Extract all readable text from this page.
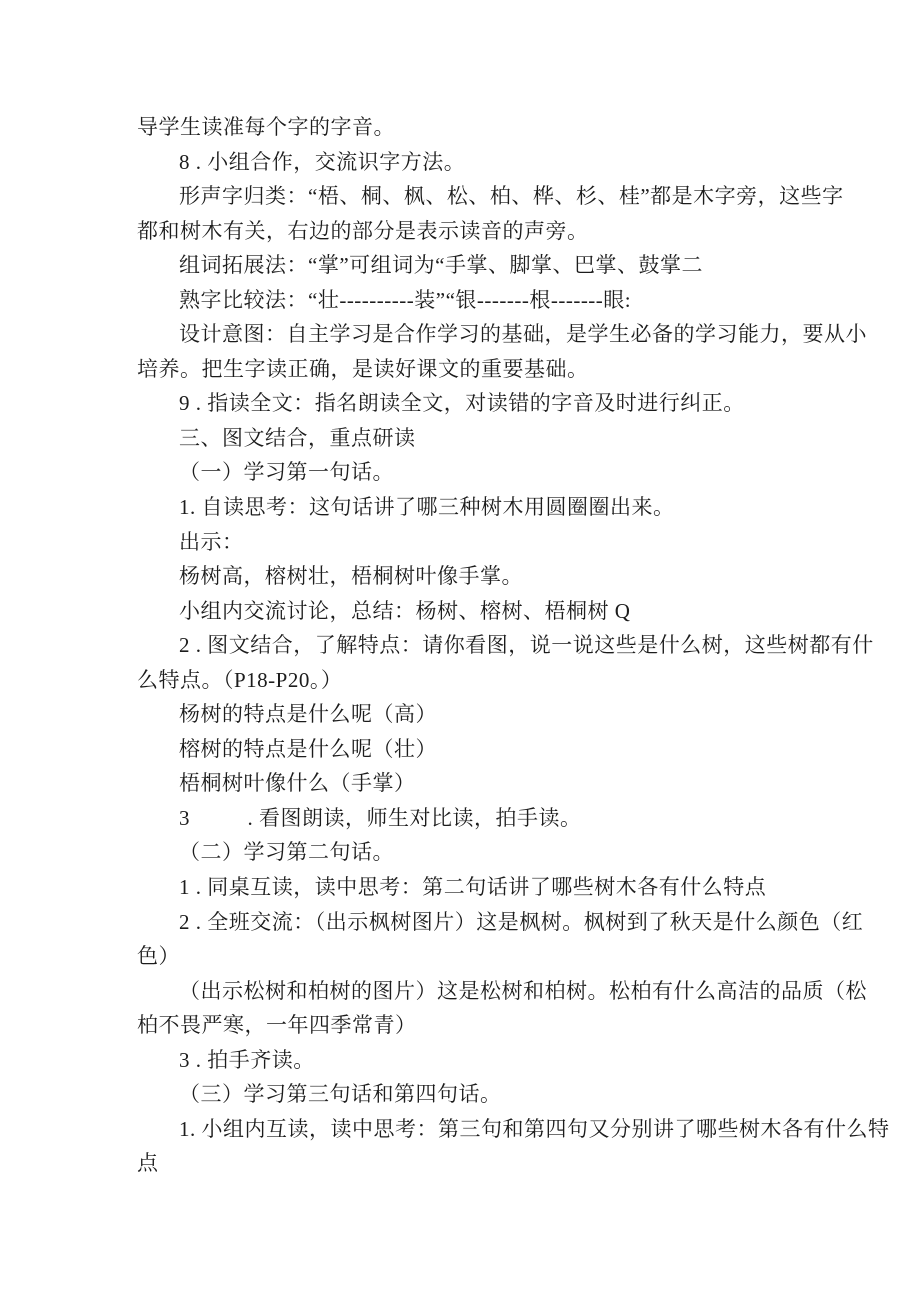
导学生读准每个字的字音。
8 . 小组合作，交流识字方法。
形声字归类：“梧、桐、枫、松、柏、桦、杉、桂”都是木字旁，这些字
都和树木有关，右边的部分是表示读音的声旁。
组词拓展法：“掌”可组词为“手掌、脚掌、巴掌、鼓掌二
熟字比较法：“壮----------装”“银-------根-------眼:
设计意图：自主学习是合作学习的基础，是学生必备的学习能力，要从小
培养。把生字读正确，是读好课文的重要基础。
9 . 指读全文：指名朗读全文，对读错的字音及时进行纠正。
三、图文结合，重点研读
（一）学习第一句话。
1. 自读思考：这句话讲了哪三种树木用圆圈圈出来。
出示：
杨树高，榕树壮，梧桐树叶像手掌。
小组内交流讨论，总结：杨树、榕树、梧桐树 Q
2 . 图文结合，了解特点：请你看图，说一说这些是什么树，这些树都有什
么特点。（P18-P20。）
杨树的特点是什么呢（高）
榕树的特点是什么呢（壮）
梧桐树叶像什么（手掌）
3          . 看图朗读，师生对比读，拍手读。
（二）学习第二句话。
1 . 同桌互读，读中思考：第二句话讲了哪些树木各有什么特点
2 . 全班交流：（出示枫树图片）这是枫树。枫树到了秋天是什么颜色（红
色）
（出示松树和柏树的图片）这是松树和柏树。松柏有什么高洁的品质（松
柏不畏严寒，一年四季常青）
3 . 拍手齐读。
（三）学习第三句话和第四句话。
1. 小组内互读，读中思考：第三句和第四句又分别讲了哪些树木各有什么特
点
